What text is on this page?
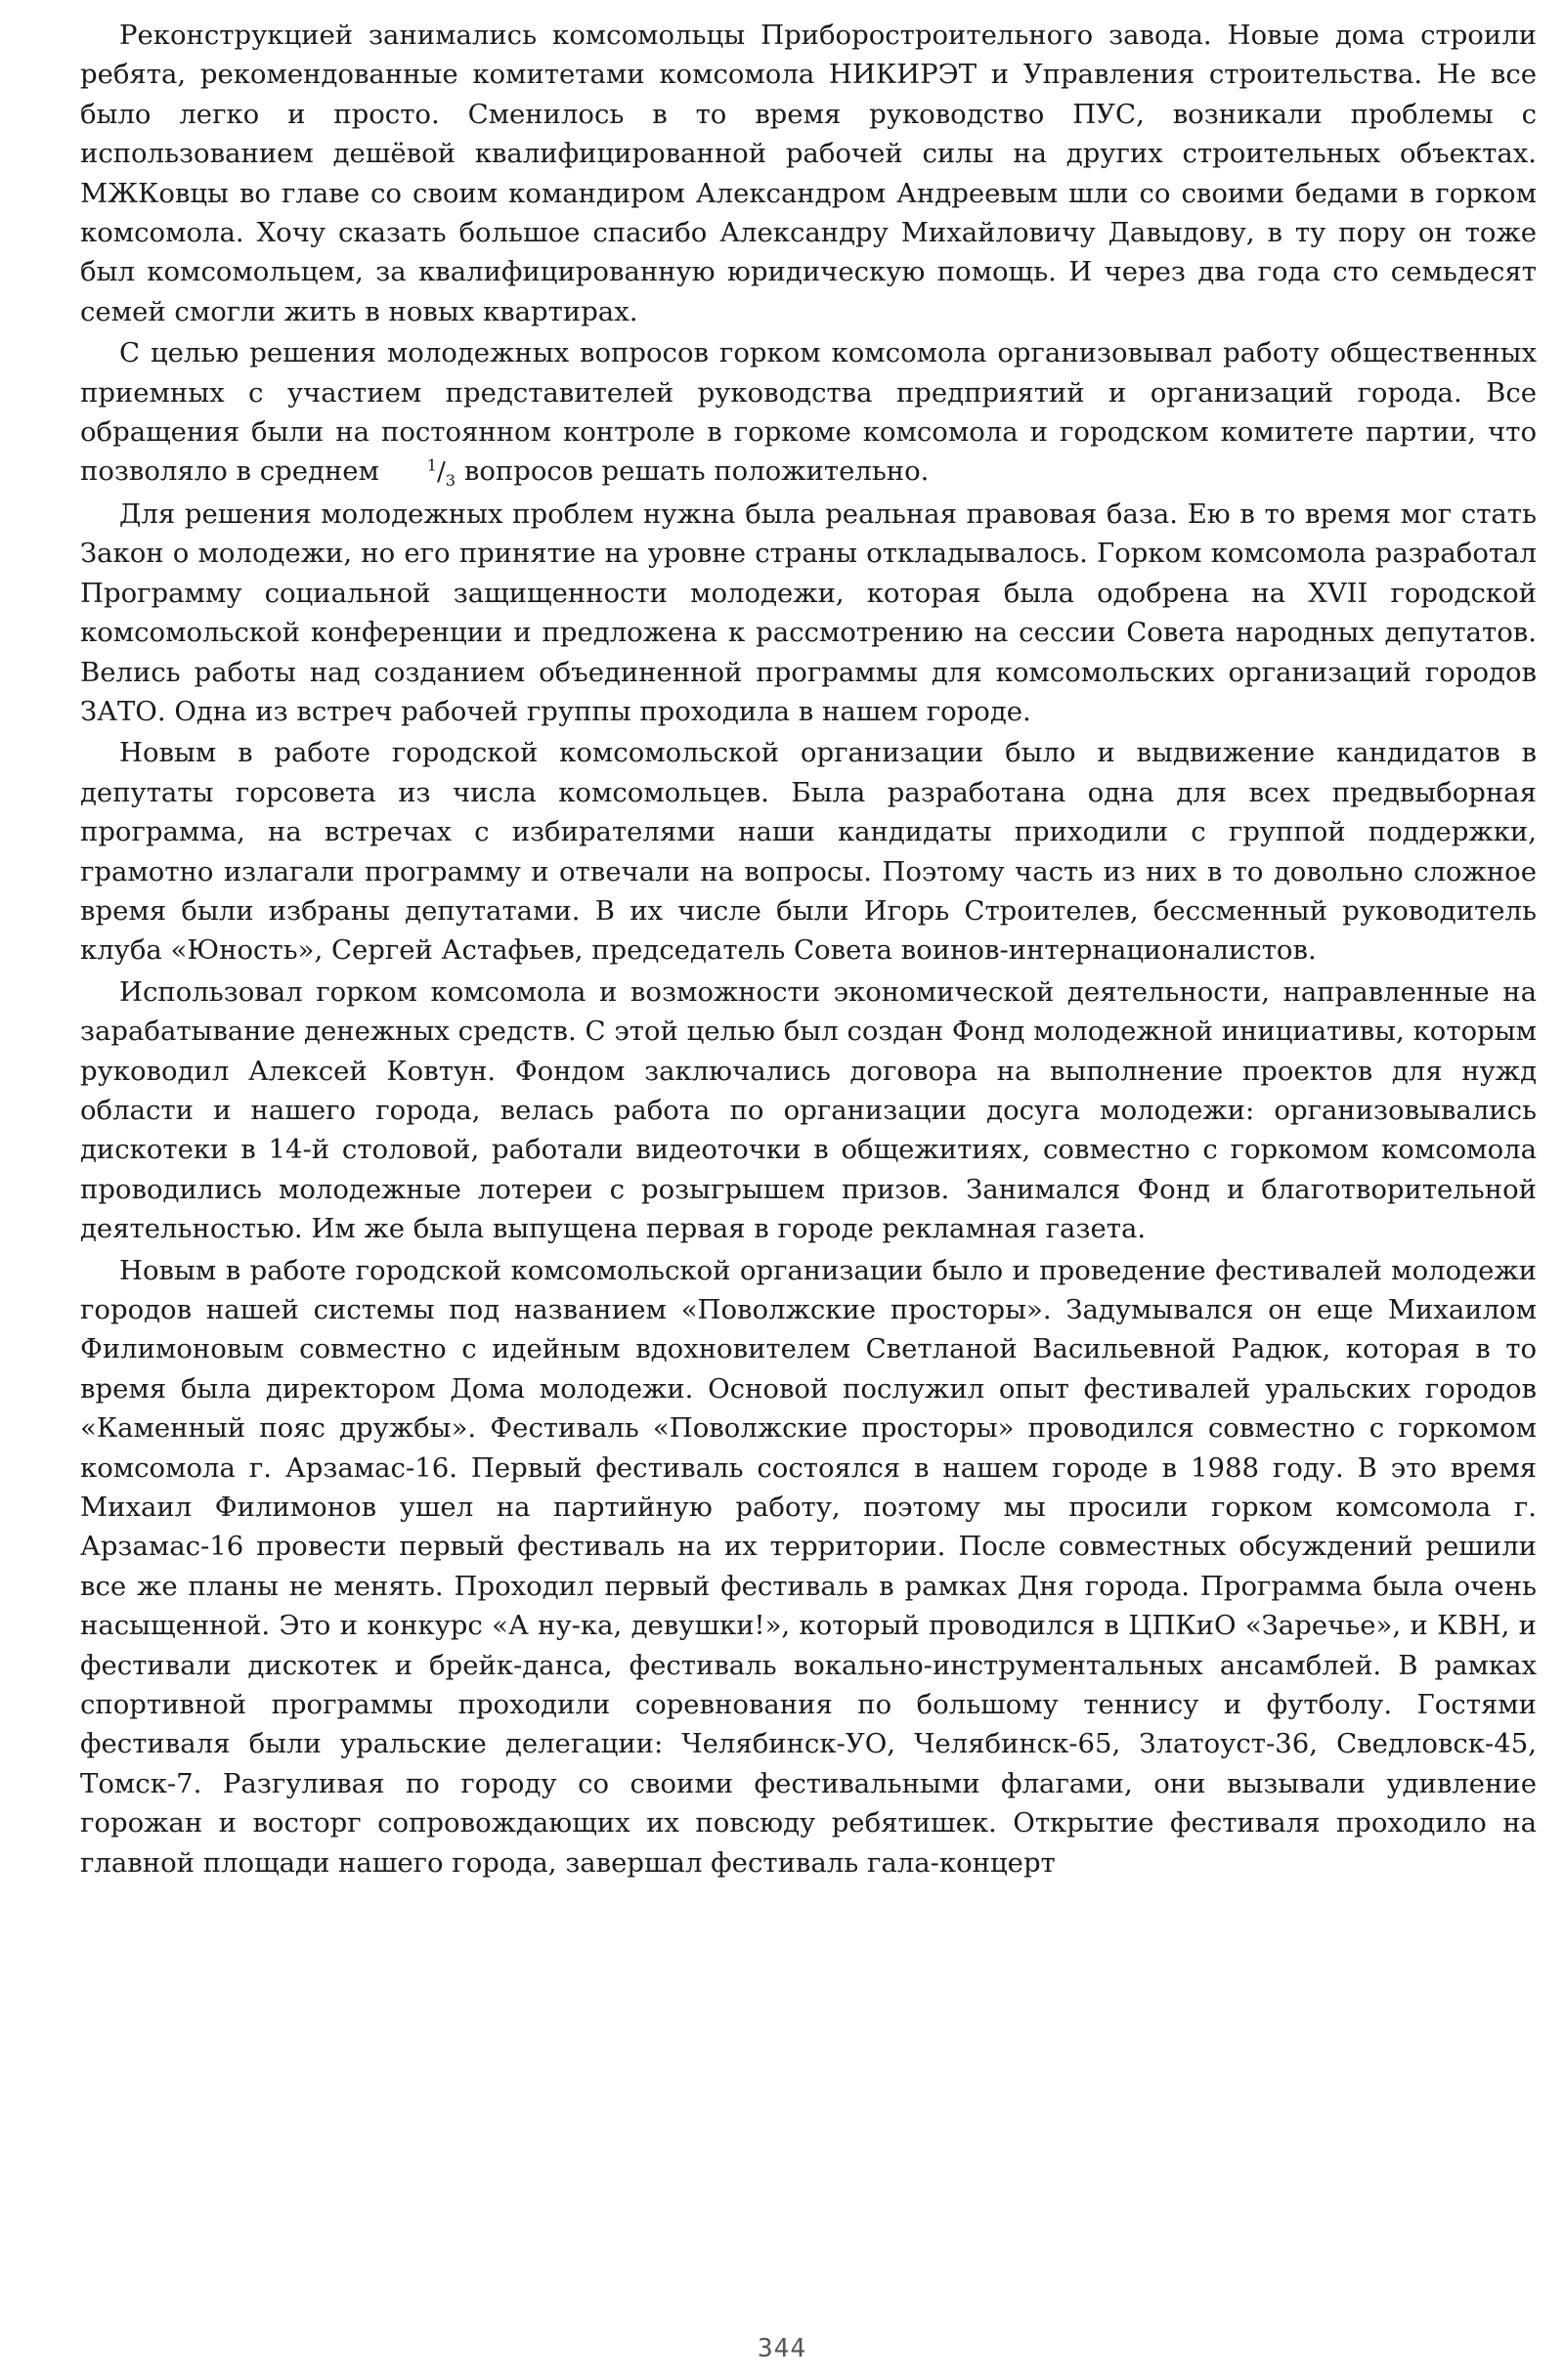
Реконструкцией занимались комсомольцы Приборостроительного завода. Новые дома строили ребята, рекомендованные комитетами комсомола НИКИРЭТ и Управления строительства. Не все было легко и просто. Сменилось в то время руководство ПУС, возникали проблемы с использованием дешёвой квалифицированной рабочей силы на других строительных объектах. МЖКовцы во главе со своим командиром Александром Андреевым шли со своими бедами в горком комсомола. Хочу сказать большое спасибо Александру Михайловичу Давыдову, в ту пору он тоже был комсомольцем, за квалифицированную юридическую помощь. И через два года сто семьдесят семей смогли жить в новых квартирах.

С целью решения молодежных вопросов горком комсомола организовывал работу общественных приемных с участием представителей руководства предприятий и организаций города. Все обращения были на постоянном контроле в горкоме комсомола и городском комитете партии, что позволяло в среднем $^1/_3$ вопросов решать положительно.

Для решения молодежных проблем нужна была реальная правовая база. Ею в то время мог стать Закон о молодежи, но его принятие на уровне страны откладывалось. Горком комсомола разработал Программу социальной защищенности молодежи, которая была одобрена на XVII городской комсомольской конференции и предложена к рассмотрению на сессии Совета народных депутатов. Велись работы над созданием объединенной программы для комсомольских организаций городов ЗАТО. Одна из встреч рабочей группы проходила в нашем городе.

Новым в работе городской комсомольской организации было и выдвижение кандидатов в депутаты горсовета из числа комсомольцев. Была разработана одна для всех предвыборная программа, на встречах с избирателями наши кандидаты приходили с группой поддержки, грамотно излагали программу и отвечали на вопросы. Поэтому часть из них в то довольно сложное время были избраны депутатами. В их числе были Игорь Строителев, бессменный руководитель клуба «Юность», Сергей Астафьев, председатель Совета воинов-интернационалистов.

Использовал горком комсомола и возможности экономической деятельности, направленные на зарабатывание денежных средств. С этой целью был создан Фонд молодежной инициативы, которым руководил Алексей Ковтун. Фондом заключались договора на выполнение проектов для нужд области и нашего города, велась работа по организации досуга молодежи: организовывались дискотеки в 14-й столовой, работали видеоточки в общежитиях, совместно с горкомом комсомола проводились молодежные лотереи с розыгрышем призов. Занимался Фонд и благотворительной деятельностью. Им же была выпущена первая в городе рекламная газета.

Новым в работе городской комсомольской организации было и проведение фестивалей молодежи городов нашей системы под названием «Поволжские просторы». Задумывался он еще Михаилом Филимоновым совместно с идейным вдохновителем Светланой Васильевной Радюк, которая в то время была директором Дома молодежи. Основой послужил опыт фестивалей уральских городов «Каменный пояс дружбы». Фестиваль «Поволжские просторы» проводился совместно с горкомом комсомола г. Арзамас-16. Первый фестиваль состоялся в нашем городе в 1988 году. В это время Михаил Филимонов ушел на партийную работу, поэтому мы просили горком комсомола г. Арзамас-16 провести первый фестиваль на их территории. После совместных обсуждений решили все же планы не менять. Проходил первый фестиваль в рамках Дня города. Программа была очень насыщенной. Это и конкурс «А ну-ка, девушки!», который проводился в ЦПКиО «Заречье», и КВН, и фестивали дискотек и брейк-данса, фестиваль вокально-инструментальных ансамблей. В рамках спортивной программы проходили соревнования по большому теннису и футболу. Гостями фестиваля были уральские делегации: Челябинск-УО, Челябинск-65, Златоуст-36, Сведловск-45, Томск-7. Разгуливая по городу со своими фестивальными флагами, они вызывали удивление горожан и восторг сопровождающих их повсюду ребятишек. Открытие фестиваля проходило на главной площади нашего города, завершал фестиваль гала-концерт

344
